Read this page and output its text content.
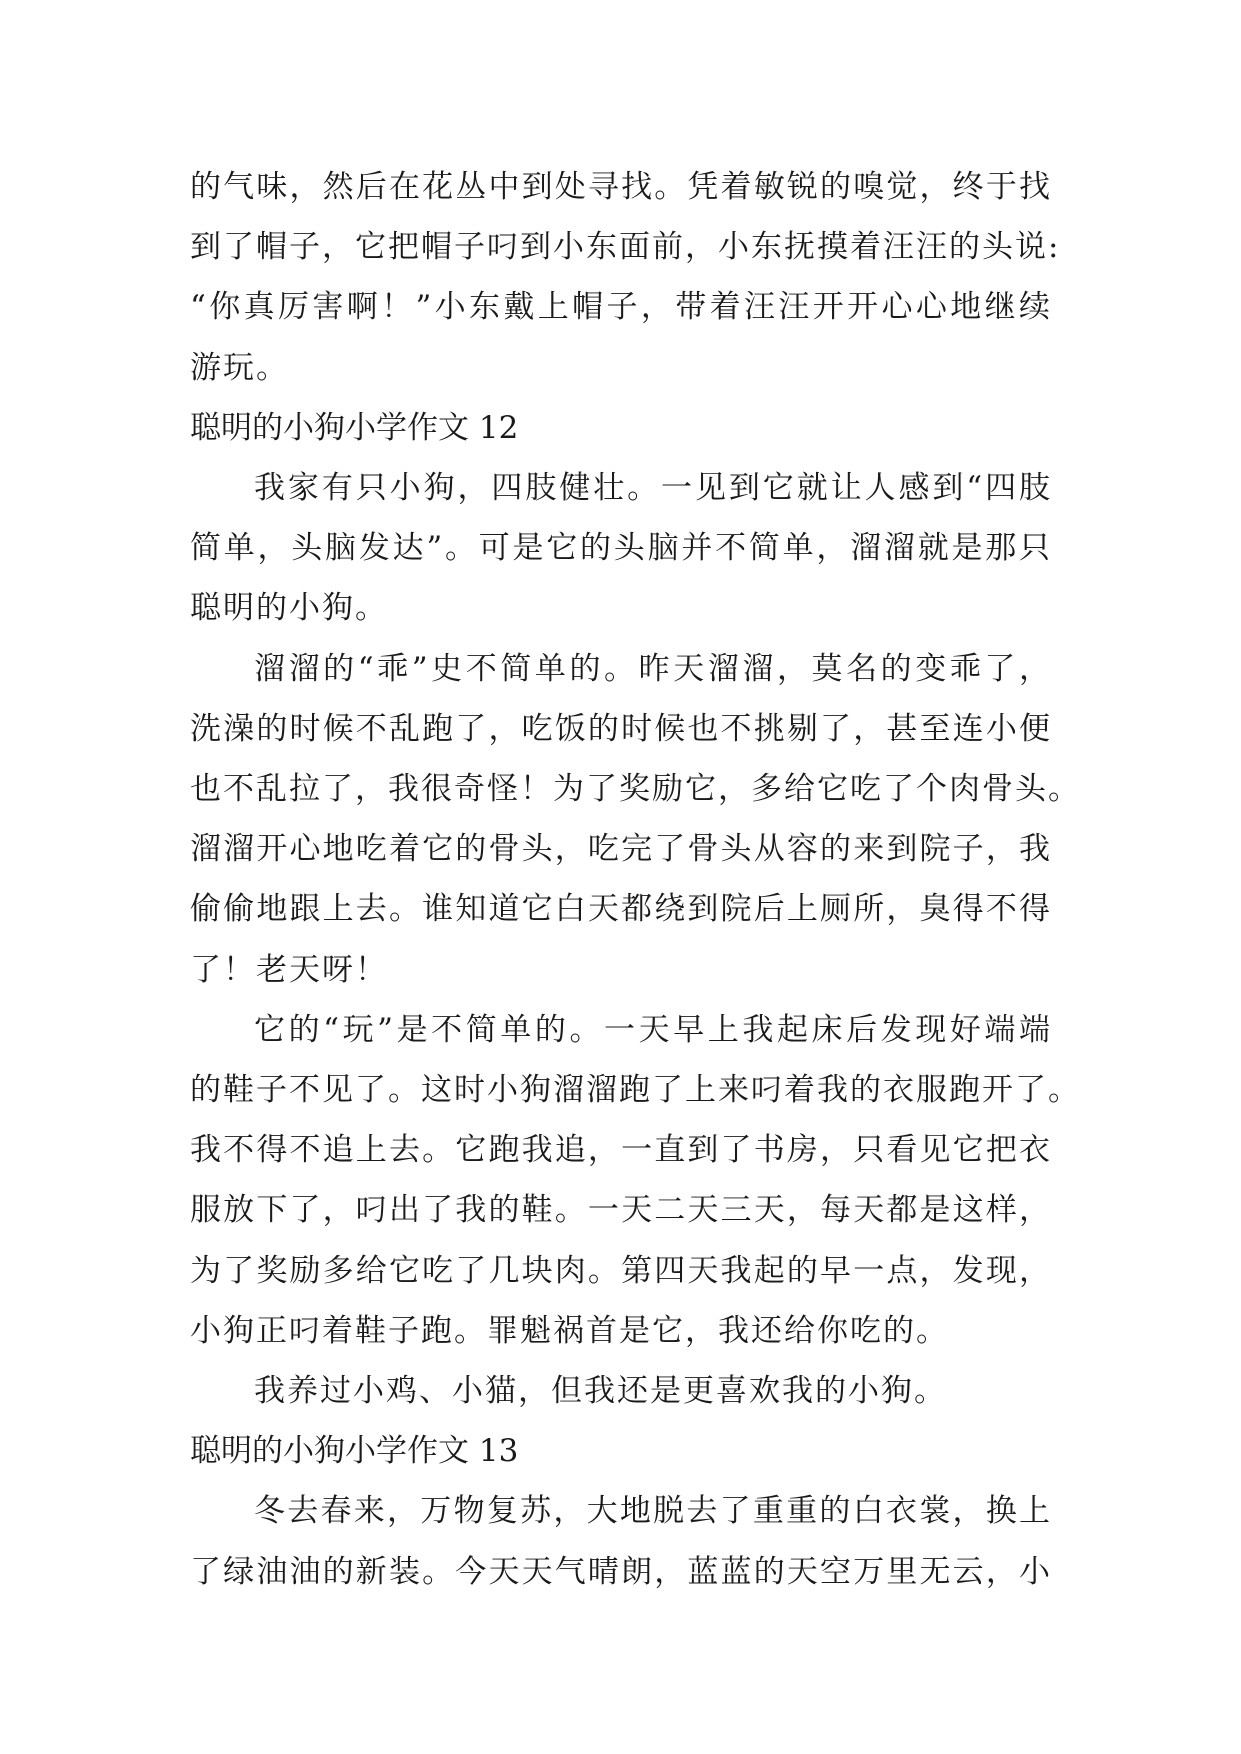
的气味，然后在花丛中到处寻找。凭着敏锐的嗅觉，终于找
到了帽子，它把帽子叼到小东面前，小东抚摸着汪汪的头说:
“你真厉害啊！”小东戴上帽子，带着汪汪开开心心地继续
游玩。
聪明的小狗小学作文 12
我家有只小狗，四肢健壮。一见到它就让人感到“四肢
简单，头脑发达”。可是它的头脑并不简单，溜溜就是那只
聪明的小狗。
溜溜的“乖”史不简单的。昨天溜溜，莫名的变乖了，
洗澡的时候不乱跑了，吃饭的时候也不挑剔了，甚至连小便
也不乱拉了，我很奇怪！为了奖励它，多给它吃了个肉骨头。
溜溜开心地吃着它的骨头，吃完了骨头从容的来到院子，我
偷偷地跟上去。谁知道它白天都绕到院后上厕所，臭得不得
了！老天呀！
它的“玩”是不简单的。一天早上我起床后发现好端端
的鞋子不见了。这时小狗溜溜跑了上来叼着我的衣服跑开了。
我不得不追上去。它跑我追，一直到了书房，只看见它把衣
服放下了，叼出了我的鞋。一天二天三天，每天都是这样，
为了奖励多给它吃了几块肉。第四天我起的早一点，发现，
小狗正叼着鞋子跑。罪魁祸首是它，我还给你吃的。
我养过小鸡、小猫，但我还是更喜欢我的小狗。
聪明的小狗小学作文 13
冬去春来，万物复苏，大地脱去了重重的白衣裳，换上
了绿油油的新装。今天天气晴朗，蓝蓝的天空万里无云，小
